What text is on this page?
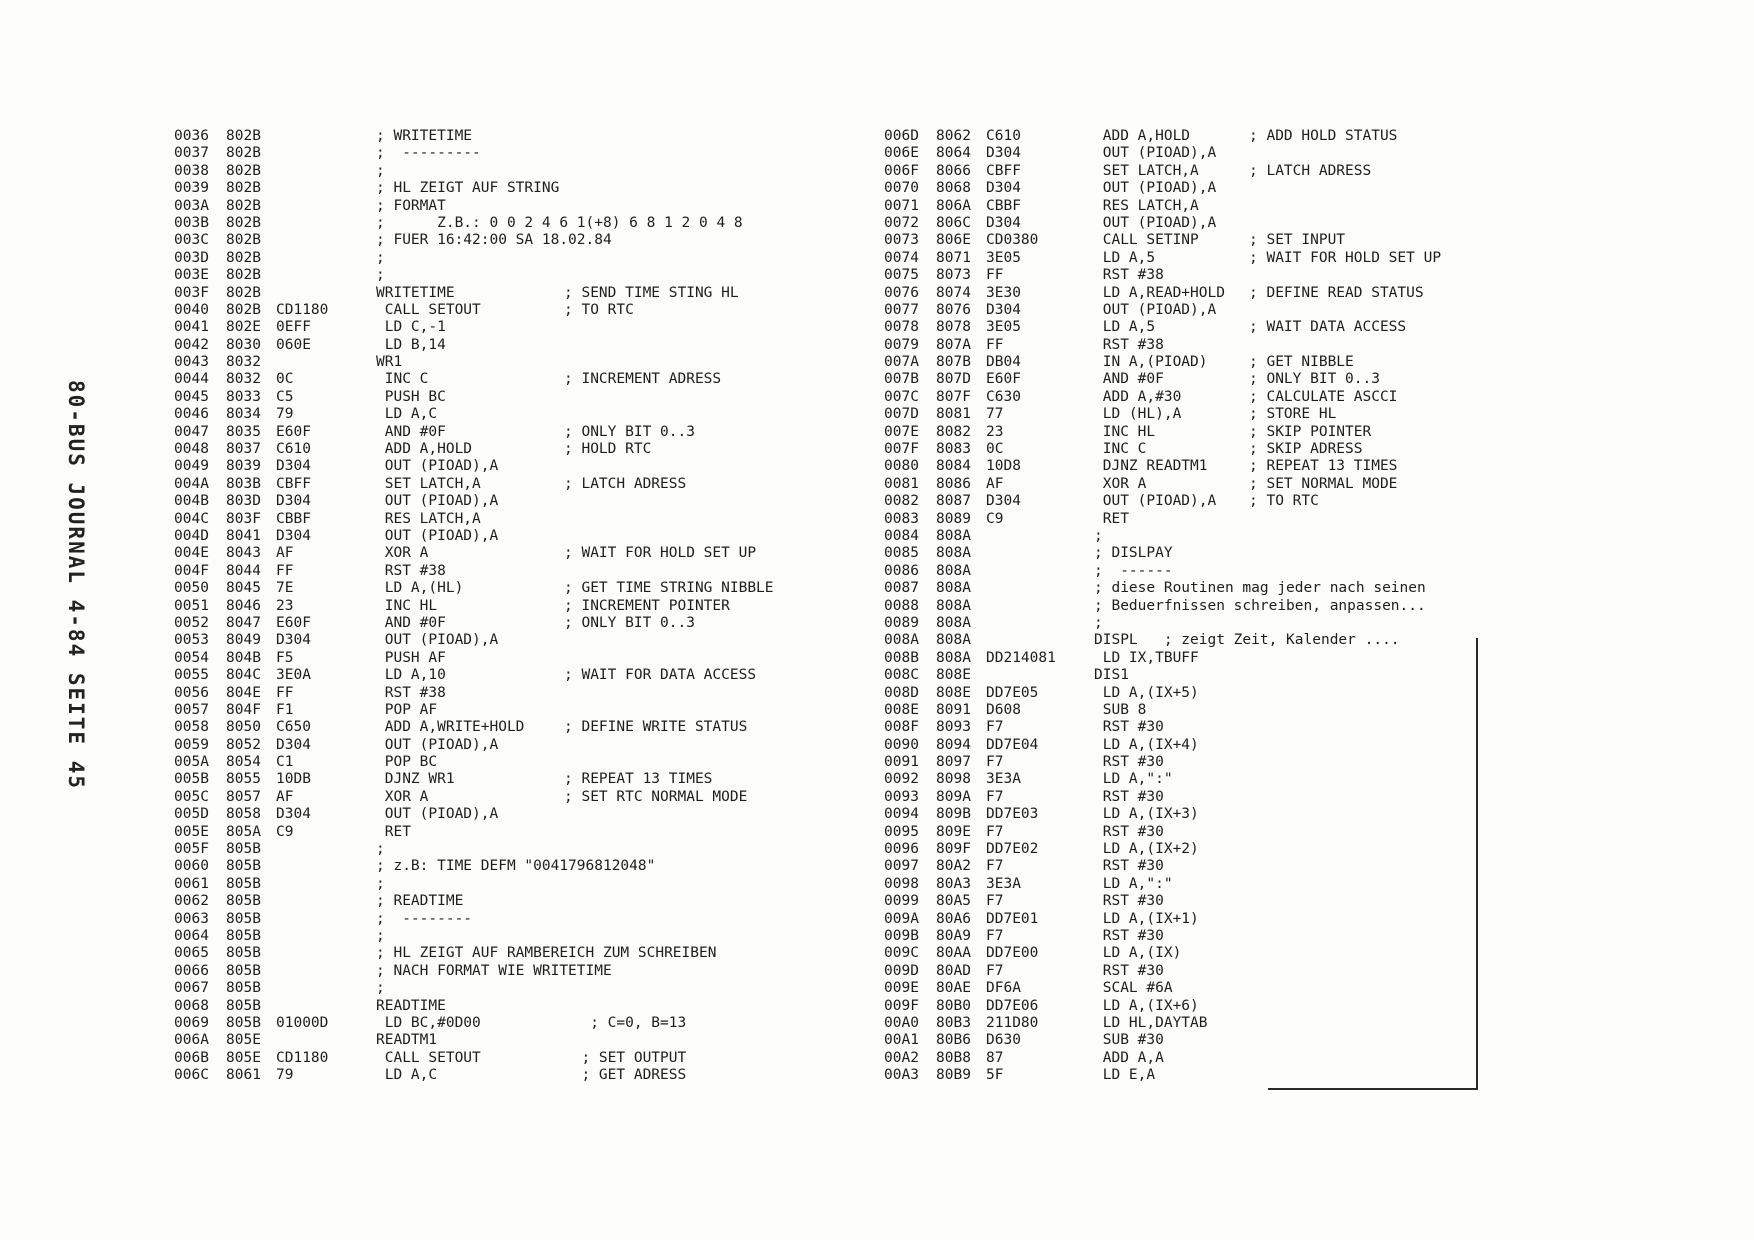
80-BUS JOURNAL 4-84 SEITE 45
0036 802B	; WRITETIME
0037 802B	;  ---------
0038 802B	;
0039 802B	; HL ZEIGT AUF STRING
003A 802B	; FORMAT
003B 802B	;      Z.B.: 0 0 2 4 6 1(+8) 6 8 1 2 0 4 8
003C 802B	; FUER 16:42:00 SA 18.02.84
003D 802B	;
003E 802B	;
003F 802B	WRITETIME	; SEND TIME STING HL
0040 802B CD1180	CALL SETOUT	; TO RTC
0041 802E 0EFF	LD C,-1
0042 8030 060E	LD B,14
0043 8032	WR1
0044 8032 0C	INC C	; INCREMENT ADRESS
0045 8033 C5	PUSH BC
0046 8034 79	LD A,C
0047 8035 E60F	AND #0F	; ONLY BIT 0..3
0048 8037 C610	ADD A,HOLD	; HOLD RTC
0049 8039 D304	OUT (PIOAD),A
004A 803B CBFF	SET LATCH,A	; LATCH ADRESS
004B 803D D304	OUT (PIOAD),A
004C 803F CBBF	RES LATCH,A
004D 8041 D304	OUT (PIOAD),A
004E 8043 AF	XOR A	; WAIT FOR HOLD SET UP
004F 8044 FF	RST #38
0050 8045 7E	LD A,(HL)	; GET TIME STRING NIBBLE
0051 8046 23	INC HL	; INCREMENT POINTER
0052 8047 E60F	AND #0F	; ONLY BIT 0..3
0053 8049 D304	OUT (PIOAD),A
0054 804B F5	PUSH AF
0055 804C 3E0A	LD A,10	; WAIT FOR DATA ACCESS
0056 804E FF	RST #38
0057 804F F1	POP AF
0058 8050 C650	ADD A,WRITE+HOLD	; DEFINE WRITE STATUS
0059 8052 D304	OUT (PIOAD),A
005A 8054 C1	POP BC
005B 8055 10DB	DJNZ WR1	; REPEAT 13 TIMES
005C 8057 AF	XOR A	; SET RTC NORMAL MODE
005D 8058 D304	OUT (PIOAD),A
005E 805A C9	RET
005F 805B	;
0060 805B	; z.B: TIME DEFM "0041796812048"
0061 805B	;
0062 805B	; READTIME
0063 805B	;  --------
0064 805B	;
0065 805B	; HL ZEIGT AUF RAMBEREICH ZUM SCHREIBEN
0066 805B	; NACH FORMAT WIE WRITETIME
0067 805B	;
0068 805B	READTIME
0069 805B 01000D	LD BC,#0D00	; C=0, B=13
006A 805E	READTM1
006B 805E CD1180	CALL SETOUT	; SET OUTPUT
006C 8061 79	LD A,C	; GET ADRESS
006D 8062 C610	ADD A,HOLD	; ADD HOLD STATUS
006E 8064 D304	OUT (PIOAD),A
006F 8066 CBFF	SET LATCH,A	; LATCH ADRESS
0070 8068 D304	OUT (PIOAD),A
0071 806A CBBF	RES LATCH,A
0072 806C D304	OUT (PIOAD),A
0073 806E CD0380	CALL SETINP	; SET INPUT
0074 8071 3E05	LD A,5	; WAIT FOR HOLD SET UP
0075 8073 FF	RST #38
0076 8074 3E30	LD A,READ+HOLD ; DEFINE READ STATUS
0077 8076 D304	OUT (PIOAD),A
0078 8078 3E05	LD A,5	; WAIT DATA ACCESS
0079 807A FF	RST #38
007A 807B DB04	IN A,(PIOAD)	; GET NIBBLE
007B 807D E60F	AND #0F	; ONLY BIT 0..3
007C 807F C630	ADD A,#30	; CALCULATE ASCCI
007D 8081 77	LD (HL),A	; STORE HL
007E 8082 23	INC HL	; SKIP POINTER
007F 8083 0C	INC C	; SKIP ADRESS
0080 8084 10D8	DJNZ READTM1	; REPEAT 13 TIMES
0081 8086 AF	XOR A	; SET NORMAL MODE
0082 8087 D304	OUT (PIOAD),A ; TO RTC
0083 8089 C9	RET
0084 808A	;
0085 808A	; DISLPAY
0086 808A	;  ------
0087 808A	; diese Routinen mag jeder nach seinen
0088 808A	; Beduerfnissen schreiben, anpassen...
0089 808A	;
008A 808A	DISPL   ; zeigt Zeit, Kalender ....
008B 808A DD214081	LD IX,TBUFF
008C 808E	DIS1
008D 808E DD7E05	LD A,(IX+5)
008E 8091 D608	SUB 8
008F 8093 F7	RST #30
0090 8094 DD7E04	LD A,(IX+4)
0091 8097 F7	RST #30
0092 8098 3E3A	LD A,":"
0093 809A F7	RST #30
0094 809B DD7E03	LD A,(IX+3)
0095 809E F7	RST #30
0096 809F DD7E02	LD A,(IX+2)
0097 80A2 F7	RST #30
0098 80A3 3E3A	LD A,":"
0099 80A5 F7	RST #30
009A 80A6 DD7E01	LD A,(IX+1)
009B 80A9 F7	RST #30
009C 80AA DD7E00	LD A,(IX)
009D 80AD F7	RST #30
009E 80AE DF6A	SCAL #6A
009F 80B0 DD7E06	LD A,(IX+6)
00A0 80B3 211D80	LD HL,DAYTAB
00A1 80B6 D630	SUB #30
00A2 80B8 87	ADD A,A
00A3 80B9 5F	LD E,A
